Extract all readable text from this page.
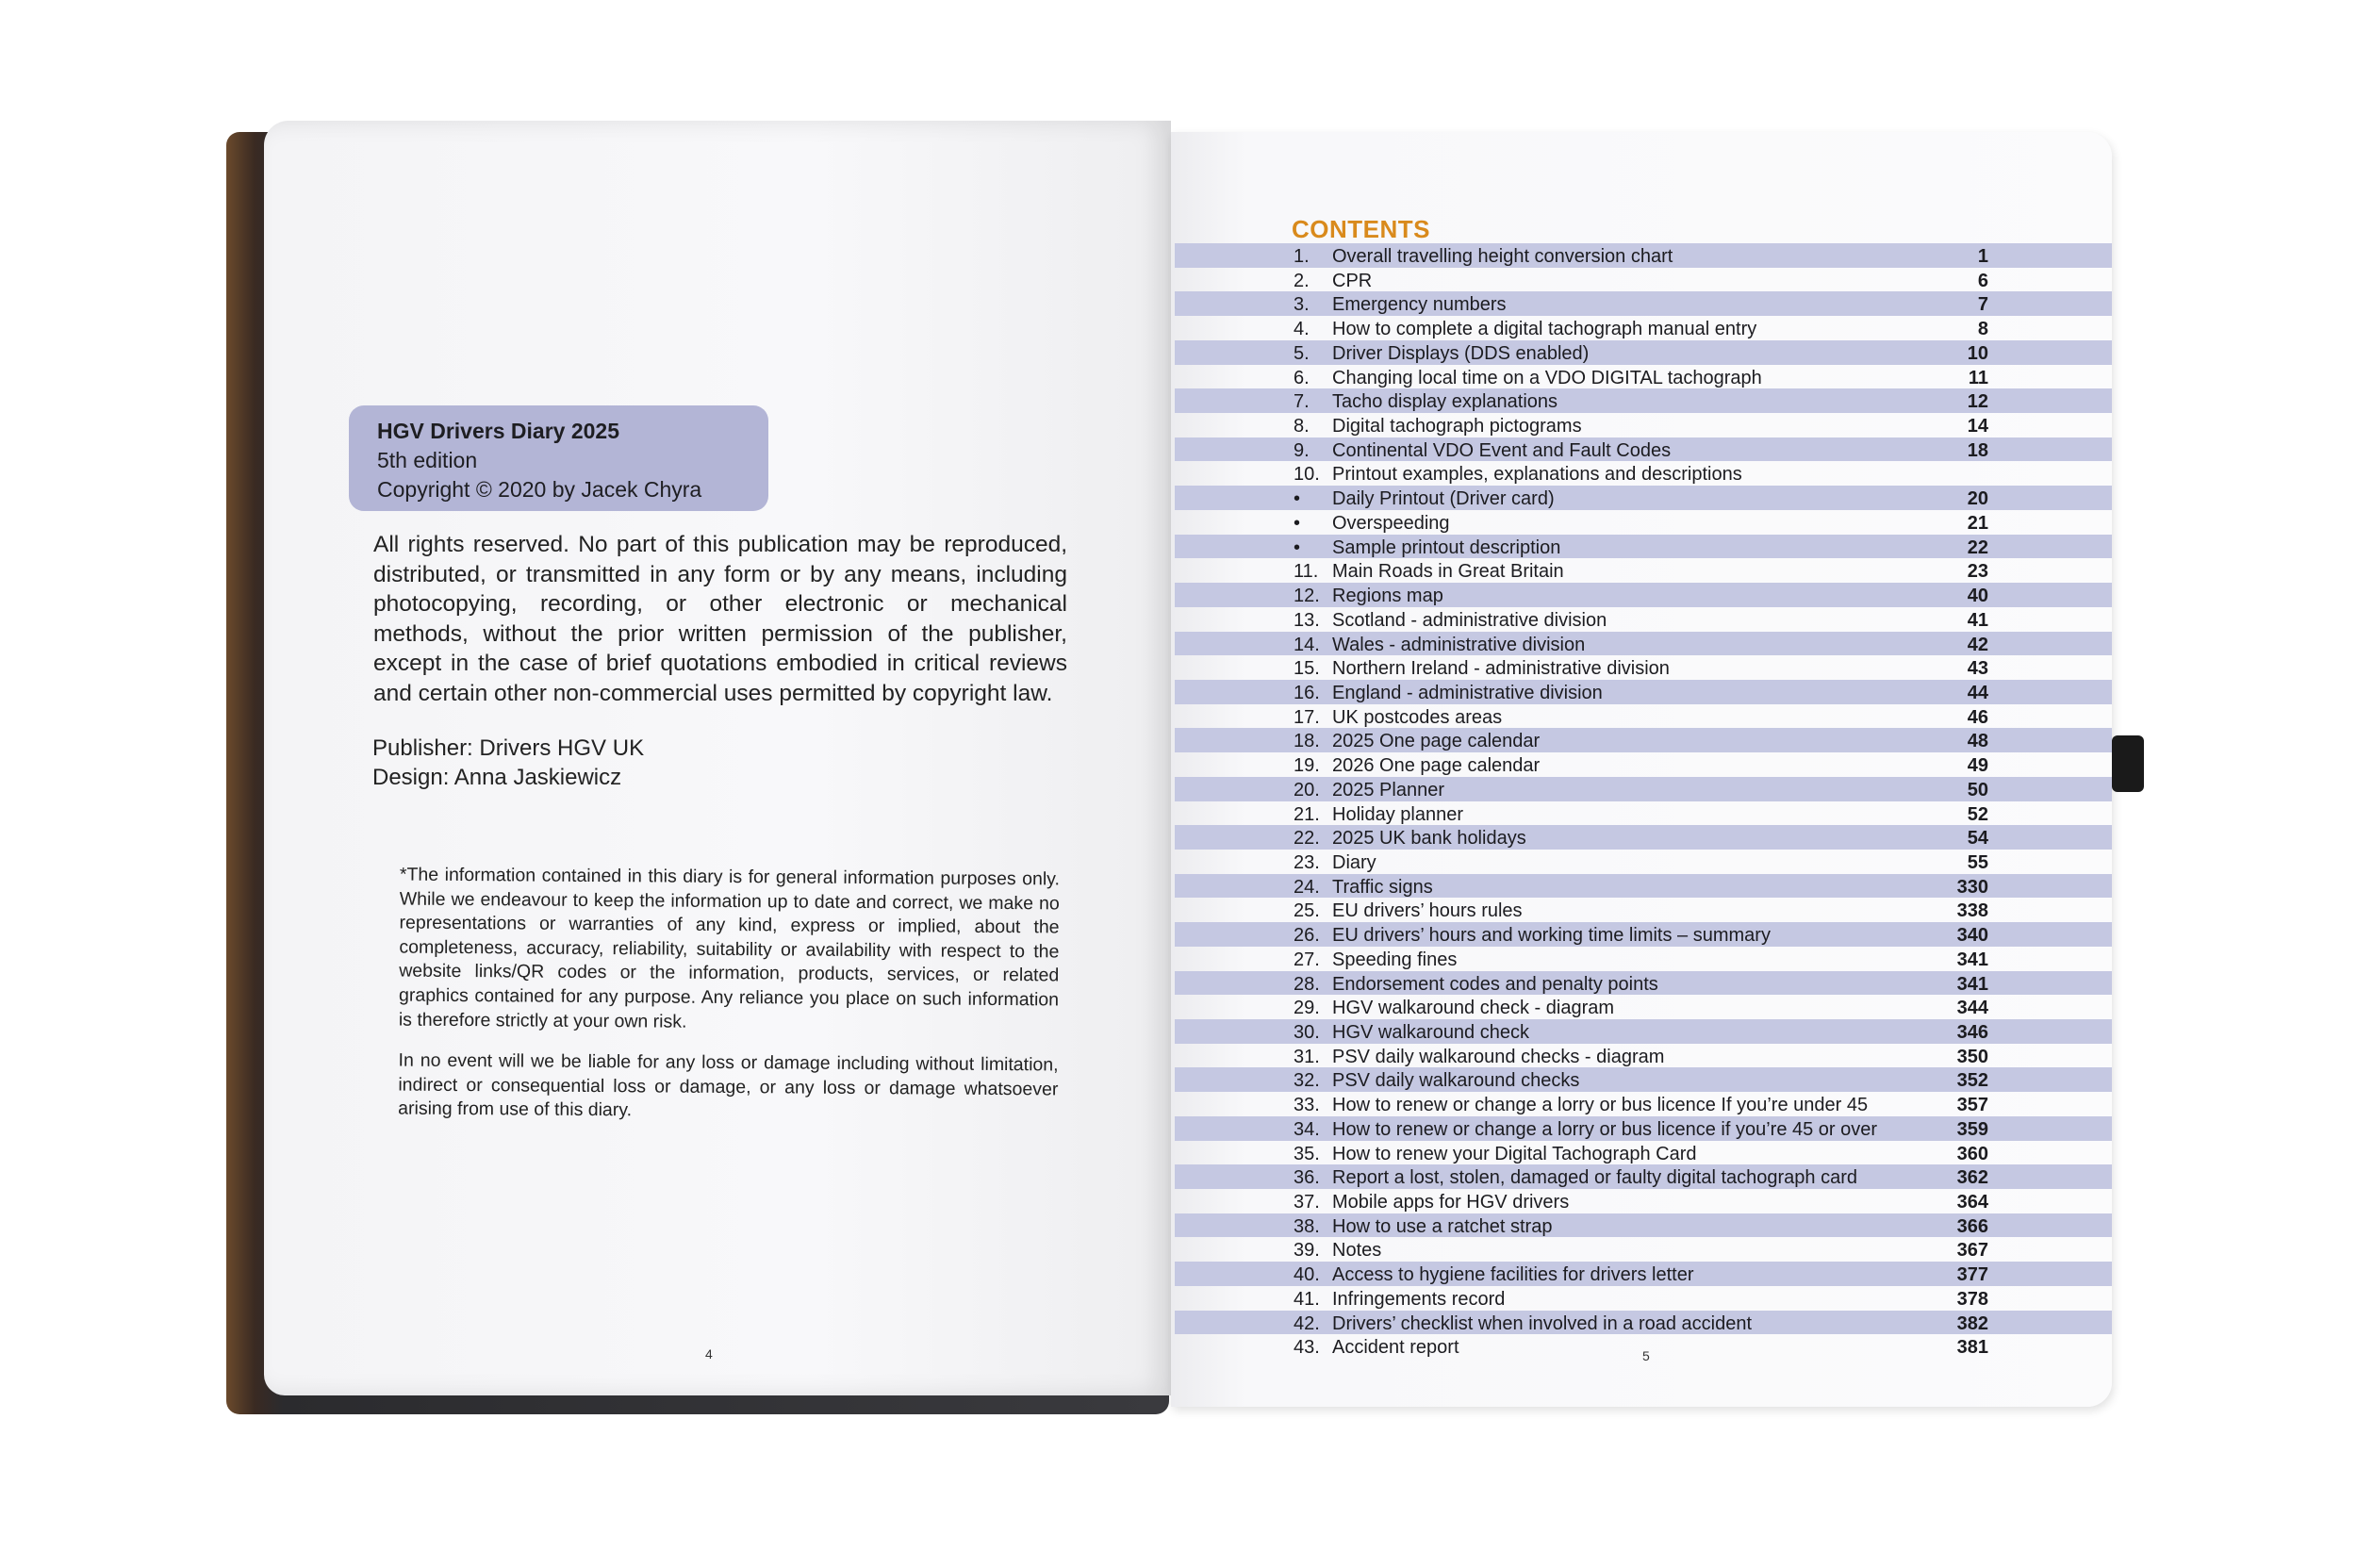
HGV Drivers Diary 2025
5th edition
Copyright © 2020 by Jacek Chyra
All rights reserved. No part of this publication may be reproduced, distributed, or transmitted in any form or by any means, including photocopying, recording, or other electronic or mechanical methods, without the prior written permission of the publisher, except in the case of brief quotations embodied in critical reviews and certain other non-commercial uses permitted by copyright law.
Publisher: Drivers HGV UK
Design: Anna Jaskiewicz

*The information contained in this diary is for general information purposes only. While we endeavour to keep the information up to date and correct, we make no representations or warranties of any kind, express or implied, about the completeness, accuracy, reliability, suitability or availability with respect to the website links/QR codes or the information, products, services, or related graphics contained for any purpose. Any reliance you place on such information is therefore strictly at your own risk.

In no event will we be liable for any loss or damage including without limitation, indirect or consequential loss or damage, or any loss or damage whatsoever arising from use of this diary.

4
CONTENTS
1.	Overall travelling height conversion chart	1
2.	CPR	6
3.	Emergency numbers	7
4.	How to complete a digital tachograph manual entry	8
5.	Driver Displays (DDS enabled)	10
6.	Changing local time on a VDO DIGITAL tachograph	11
7.	Tacho display explanations	12
8.	Digital tachograph pictograms	14
9.	Continental VDO Event and Fault Codes	18
10. Printout examples, explanations and descriptions
•	Daily Printout (Driver card)	20
•	Overspeeding	21
•	Sample printout description	22
11. Main Roads in Great Britain	23
12. Regions map	40
13. Scotland - administrative division	41
14. Wales - administrative division	42
15. Northern Ireland - administrative division	43
16. England - administrative division	44
17. UK postcodes areas	46
18. 2025 One page calendar	48
19. 2026 One page calendar	49
20. 2025 Planner	50
21. Holiday planner	52
22. 2025 UK bank holidays	54
23. Diary	55
24. Traffic signs	330
25. EU drivers’ hours rules	338
26. EU drivers’ hours and working time limits – summary	340
27. Speeding fines	341
28. Endorsement codes and penalty points	341
29. HGV walkaround check - diagram	344
30. HGV walkaround check	346
31. PSV daily walkaround checks - diagram	350
32. PSV daily walkaround checks	352
33. How to renew or change a lorry or bus licence If you’re under 45	357
34. How to renew or change a lorry or bus licence if you’re 45 or over	359
35. How to renew your Digital Tachograph Card	360
36. Report a lost, stolen, damaged or faulty digital tachograph card	362
37. Mobile apps for HGV drivers	364
38. How to use a ratchet strap	366
39. Notes	367
40. Access to hygiene facilities for drivers letter	377
41. Infringements record	378
42. Drivers’ checklist when involved in a road accident	382
43. Accident report	381
5
